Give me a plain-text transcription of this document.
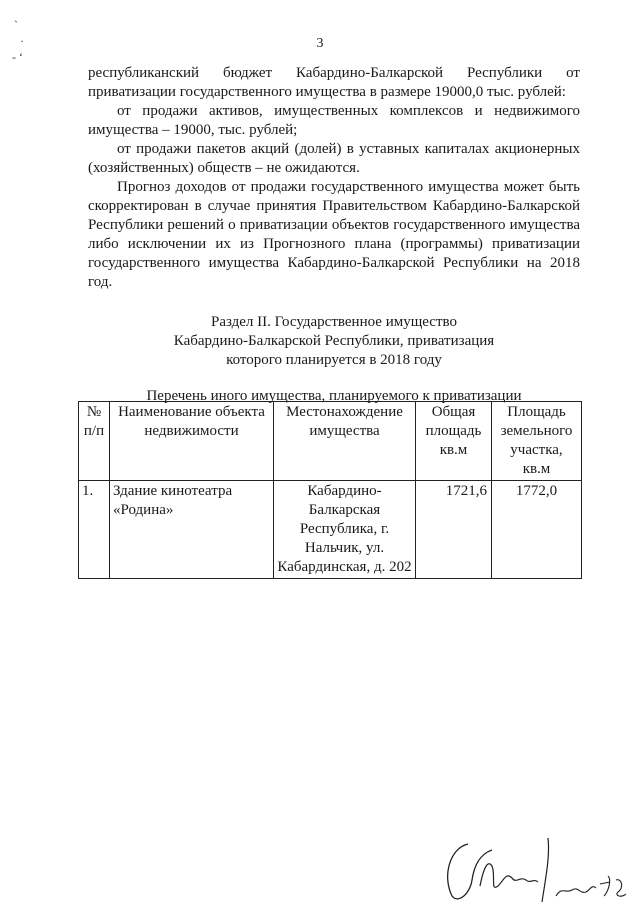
3
`
·
- ʻ

республиканский бюджет Кабардино-Балкарской Республики от приватизации государственного имущества в размере 19000,0 тыс. рублей:

от продажи активов, имущественных комплексов и недвижимого имущества – 19000, тыс. рублей;

от продажи пакетов акций (долей) в уставных капиталах акционерных (хозяйственных) обществ – не ожидаются.

Прогноз доходов от продажи государственного имущества может быть скорректирован в случае принятия Правительством Кабардино-Балкарской Республики решений о приватизации объектов государственного имущества либо исключении их из Прогнозного плана (программы) приватизации государственного имущества Кабардино-Балкарской Республики на 2018 год.

Раздел II. Государственное имущество
Кабардино-Балкарской Республики, приватизация
которого планируется в 2018 году

Перечень иного имущества, планируемого к приватизации

№ п/п	Наименование объекта недвижимости	Местонахождение имущества	Общая площадь кв.м	Площадь земельного участка, кв.м
1.	Здание кинотеатра «Родина»	Кабардино-Балкарская Республика, г. Нальчик, ул. Кабардинская, д. 202	1721,6	1772,0
